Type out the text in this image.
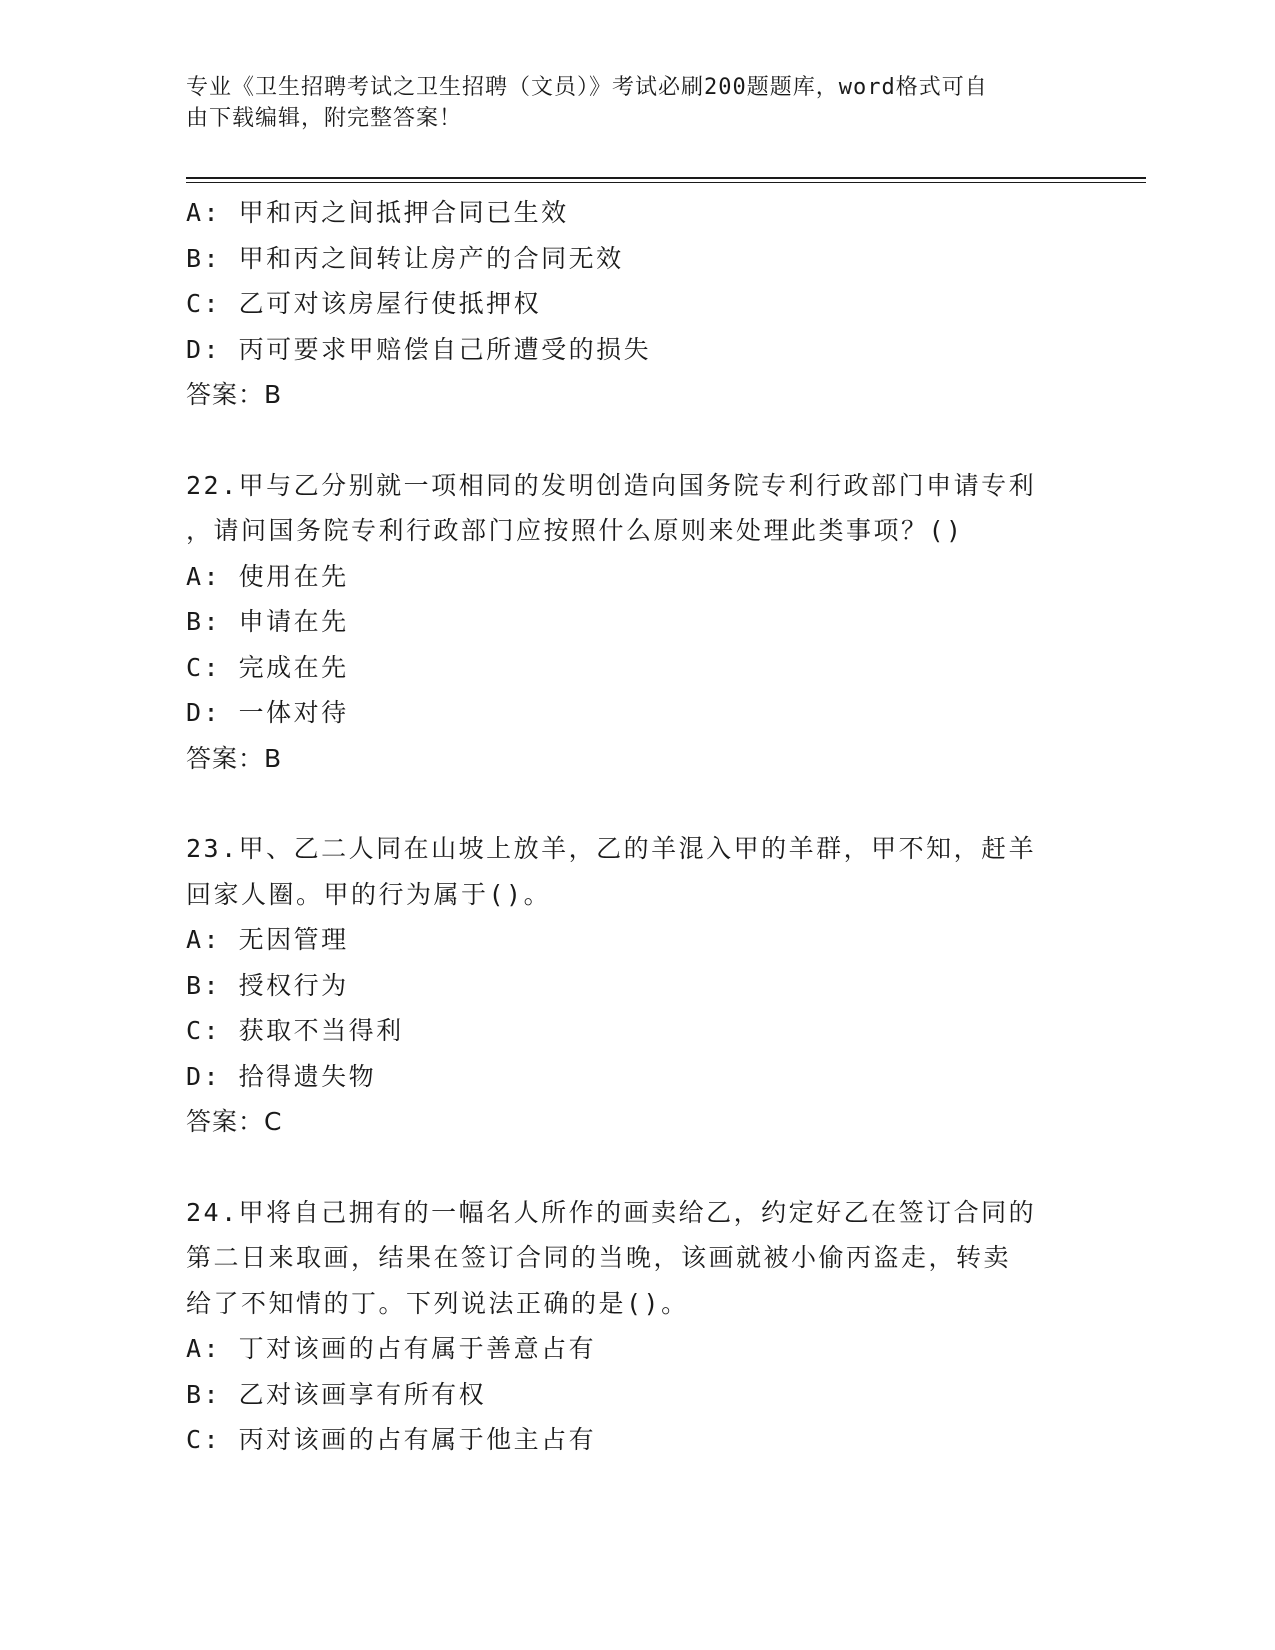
专业《卫生招聘考试之卫生招聘（文员）》考试必刷200题题库，word格式可自
由下载编辑，附完整答案！
A: 甲和丙之间抵押合同已生效
B: 甲和丙之间转让房产的合同无效
C: 乙可对该房屋行使抵押权
D: 丙可要求甲赔偿自己所遭受的损失
答案：B
22.甲与乙分别就一项相同的发明创造向国务院专利行政部门申请专利
，请问国务院专利行政部门应按照什么原则来处理此类事项？()
A: 使用在先
B: 申请在先
C: 完成在先
D: 一体对待
答案：B
23.甲、乙二人同在山坡上放羊，乙的羊混入甲的羊群，甲不知，赶羊
回家人圈。甲的行为属于()。
A: 无因管理
B: 授权行为
C: 获取不当得利
D: 拾得遗失物
答案：C
24.甲将自己拥有的一幅名人所作的画卖给乙，约定好乙在签订合同的
第二日来取画，结果在签订合同的当晚，该画就被小偷丙盗走，转卖
给了不知情的丁。下列说法正确的是()。
A: 丁对该画的占有属于善意占有
B: 乙对该画享有所有权
C: 丙对该画的占有属于他主占有
